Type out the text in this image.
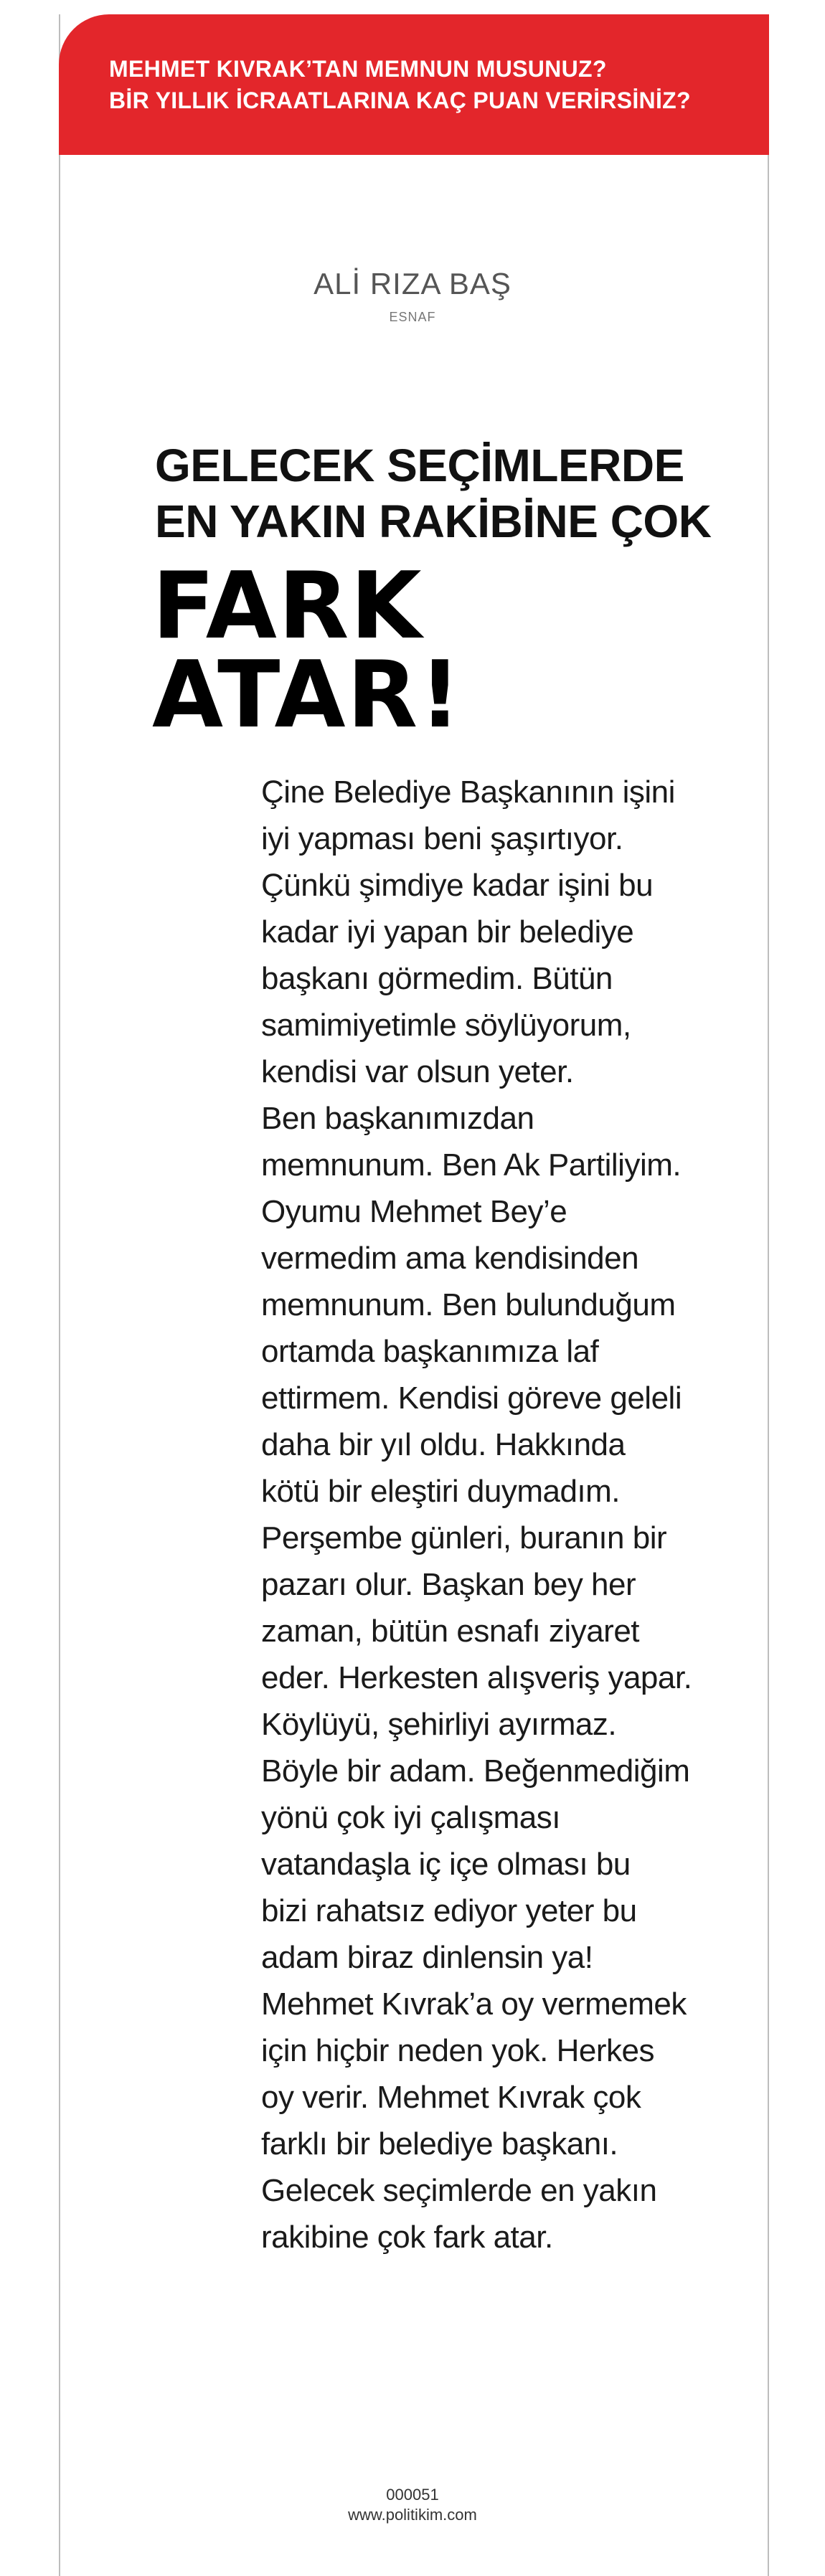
MEHMET KIVRAK’TAN MEMNUN MUSUNUZ?
BİR YILLIK İCRAATLARINA KAÇ PUAN VERİRSİNİZ?
ALİ RIZA BAŞ
ESNAF
GELECEK SEÇİMLERDE
EN YAKIN RAKİBİNE ÇOK
FARK
ATAR!
Çine Belediye Başkanının işini
iyi yapması beni şaşırtıyor.
Çünkü şimdiye kadar işini bu
kadar iyi yapan bir belediye
başkanı görmedim. Bütün
samimiyetimle söylüyorum,
kendisi var olsun yeter.
Ben başkanımızdan
memnunum. Ben Ak Partiliyim.
Oyumu Mehmet Bey’e
vermedim ama kendisinden
memnunum. Ben bulunduğum
ortamda başkanımıza laf
ettirmem. Kendisi göreve geleli
daha bir yıl oldu. Hakkında
kötü bir eleştiri duymadım.
Perşembe günleri, buranın bir
pazarı olur. Başkan bey her
zaman, bütün esnafı ziyaret
eder. Herkesten alışveriş yapar.
Köylüyü, şehirliyi ayırmaz.
Böyle bir adam. Beğenmediğim
yönü çok iyi çalışması
vatandaşla iç içe olması bu
bizi rahatsız ediyor yeter bu
adam biraz dinlensin ya!
Mehmet Kıvrak’a oy vermemek
için hiçbir neden yok. Herkes
oy verir. Mehmet Kıvrak çok
farklı bir belediye başkanı.
Gelecek seçimlerde en yakın
rakibine çok fark atar.
000051
www.politikim.com
